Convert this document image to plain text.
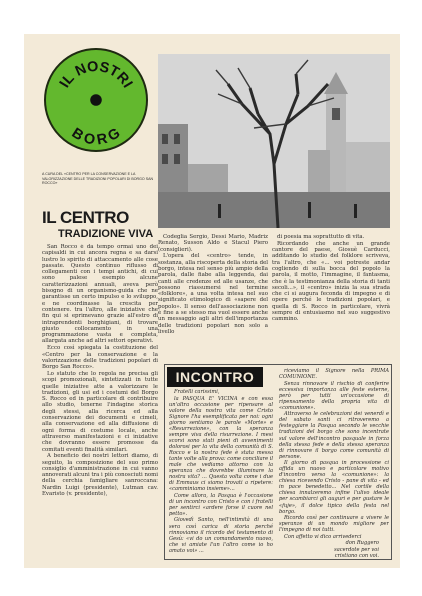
IL NOSTRI
BORG
A CURA DEL «CENTRO PER LA CONSERVAZIONE E LA VALORIZZAZIONE DELLE TRADIZIONI POPOLARI DI BORGO SAN ROCCO»
IL CENTRO
TRADIZIONE VIVA

San Rocco è da tempo ormai uno dei capisaldi in cui ancora regna e sa darsi lustro lo spirito di attaccamento alle cose passate. Questo continuo riflusso di collegamenti con i tempi antichi, di cui sono palese esempio alcune caratterizzazioni annuali, aveva però bisogno di un organismo-guida che ne garantisse un certo impulso e lo sviluppo, e ne coordinasse la crescita per contenere. tra l'altro, alle iniziative che fin qui si eprimevano grazie all'estro di intraprendenti borghigiani, di trovare giusto collocamento in una programmazione vasta e completa, allargata anche ad altri settori operativi.

Ecco così spiegata la costituzione del «Centro per la conservazione e la valorizzazione delle tradizioni popolari di Borgo San Rocco».

Lo statuto che lo regola ne precisa gli scopi promozionali, sintetizzati in tutte quelle iniziative atte a valorizzare le tradizioni, gli usi ed i costumi del Borgo S. Rocco ed in particolare di contribuire allo studio, tenerne l'indagine storica degli stessi, alla ricerca ed alla conservazione dei documenti e cimeli, alla conservazione ed alla diffusione di ogni forma di costume locale, anche attraverso manifestazioni e ci iniziative che dovranno essere promosse da comitati eventi finalità similari.

A beneficio dei nostri lettori diamo, di seguito, la composizione del suo primo consiglio d'amministrazione in cui vanno annoverati alcuni tra i più conosciuti nomi della cerchia famigliare sanroccana: Nardin Luigi (presidente), Lutman cav. Evaristo (v. presidente),

Codeglia Sergio, Dessi Mario, Madriz Renato, Susson Aldo e Stacul Piero (consiglieri).

L'opera del «centro» tende, in sostanza, alla riscoperta della storia del borgo, intesa nel senso più ampio della parola, dalle fiabe alla leggenda, dai canti alle credenze ed alle usanze, che possono riassumersi nel termine «folklore», a una volta intesa nel suo significato etimologico di «sapere del popolo». Il senso dell'associazione non è fine a se stesso ma vuol essere anche un messaggio agli altri dell'importanza delle tradizioni popolari non solo a livello

di poesia ma soprattutto di vita.

Ricordando che anche un grande cantore del paese, Giosuè Carducci, additando lo studio del folklore scriveva, tra l'altro, che «... voi potreste andar cogliendo di sulla bocca del popolo la parola, il motto, l'immagine, il fantasma, che è la testimonianza della storia di tanti secoli...», il «centro» inizia la sua strada che ci si augura feconda di impegno e di opere perché le tradizioni popolari, e quella di S. Rocco in particolare, vivrà sempre di entusiasmo nel suo suggestivo cammino.

INCONTRO

Fratelli carissimi,

la PASQUA E' VICINA e con essa un'altra occasione per ripensare al valore della nostra vita come Cristo Signore l'ha esemplificata per noi: ogni giorno sentiamo le parole «Morte» e «Resurrezione», con la speranza sempre viva della risurrezione. I mesi scorsi sono stati pieni di avvenimenti dolorosi per la vita della comunità di S. Rocco e la nostra fede è stata messa tante volte alla prova: come conciliare il male che vediamo attorno con la speranza che dovrebbe illuminare la nostra vita? ... Questa volta come i due di Emmaus ci siamo trovati a ripetere: «camminiamo insieme»...

Come allora, la Pasqua è l'occasione di un incontro con Cristo e con i fratelli per sentirci «ardere forse il cuore nel petto».

Giovedì Santo, nell'intimità di una sera così carica di storia perché rinnoviamo il ricordo del testamento di Gesù: «vi do un comandamento nuovo, che vi amiate l'un l'altro come io ho amato voi» ...

riceviamo il Signore nella PRIMA COMUNIONE.

Senza rinnovare il rischio di conferire eccessiva importanza alle feste esterne, però per tutti un'occasione di ripensamento della propria vita di «comunione».

Attraverso le celebrazioni dei venerdì e del sabato santi ci ritroveremo a festeggiare la Pasqua secondo le vecchie tradizioni del borgo che sono incentrate sul valore dell'incontro pasquale in forza della stessa fede e della stessa speranza di rinnovare il borgo come comunità di persone.

Il giorno di pasqua in processione ci affida un nuovo e particolare motivo d'incontro verso la «comunione»: la chiesa ricevendo Cristo - pane di vita - ed in pace benedetto... Nel cortile della chiesa innalzeremo infine l'ulivo ideale per scambiarci gli auguri e per gustare le «fuje», il dolce tipico della festa nel borgo.

Ricordo così per continuare a vivere le speranze di un mondo migliore per l'impegno di noi tutti.

Con affetto vi dico arrivederci

don Ruggero

sacerdote per voi

cristiano con voi.
